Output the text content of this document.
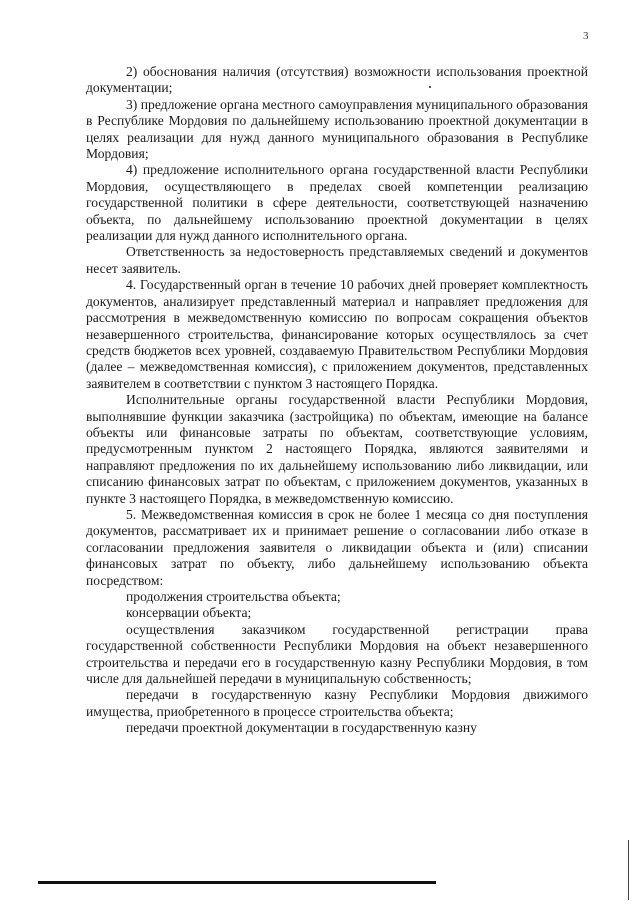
3

2) обоснования наличия (отсутствия) возможности использования проектной документации;

3) предложение органа местного самоуправления муниципального образования в Республике Мордовия по дальнейшему использованию проектной документации в целях реализации для нужд данного муниципального образования в Республике Мордовия;

4) предложение исполнительного органа государственной власти Республики Мордовия, осуществляющего в пределах своей компетенции реализацию государственной политики в сфере деятельности, соответствующей назначению объекта, по дальнейшему использованию проектной документации в целях реализации для нужд данного исполнительного органа.

Ответственность за недостоверность представляемых сведений и документов несет заявитель.

4. Государственный орган в течение 10 рабочих дней проверяет комплектность документов, анализирует представленный материал и направляет предложения для рассмотрения в межведомственную комиссию по вопросам сокращения объектов незавершенного строительства, финансирование которых осуществлялось за счет средств бюджетов всех уровней, создаваемую Правительством Республики Мордовия (далее – межведомственная комиссия), с приложением документов, представленных заявителем в соответствии с пунктом 3 настоящего Порядка.

Исполнительные органы государственной власти Республики Мордовия, выполнявшие функции заказчика (застройщика) по объектам, имеющие на балансе объекты или финансовые затраты по объектам, соответствующие условиям, предусмотренным пунктом 2 настоящего Порядка, являются заявителями и направляют предложения по их дальнейшему использованию либо ликвидации, или списанию финансовых затрат по объектам, с приложением документов, указанных в пункте 3 настоящего Порядка, в межведомственную комиссию.

5. Межведомственная комиссия в срок не более 1 месяца со дня поступления документов, рассматривает их и принимает решение о согласовании либо отказе в согласовании предложения заявителя о ликвидации объекта и (или) списании финансовых затрат по объекту, либо дальнейшему использованию объекта посредством:

продолжения строительства объекта;

консервации объекта;

осуществления заказчиком государственной регистрации права государственной собственности Республики Мордовия на объект незавершенного строительства и передачи его в государственную казну Республики Мордовия, в том числе для дальнейшей передачи в муниципальную собственность;

передачи в государственную казну Республики Мордовия движимого имущества, приобретенного в процессе строительства объекта;

передачи проектной документации в государственную казну
